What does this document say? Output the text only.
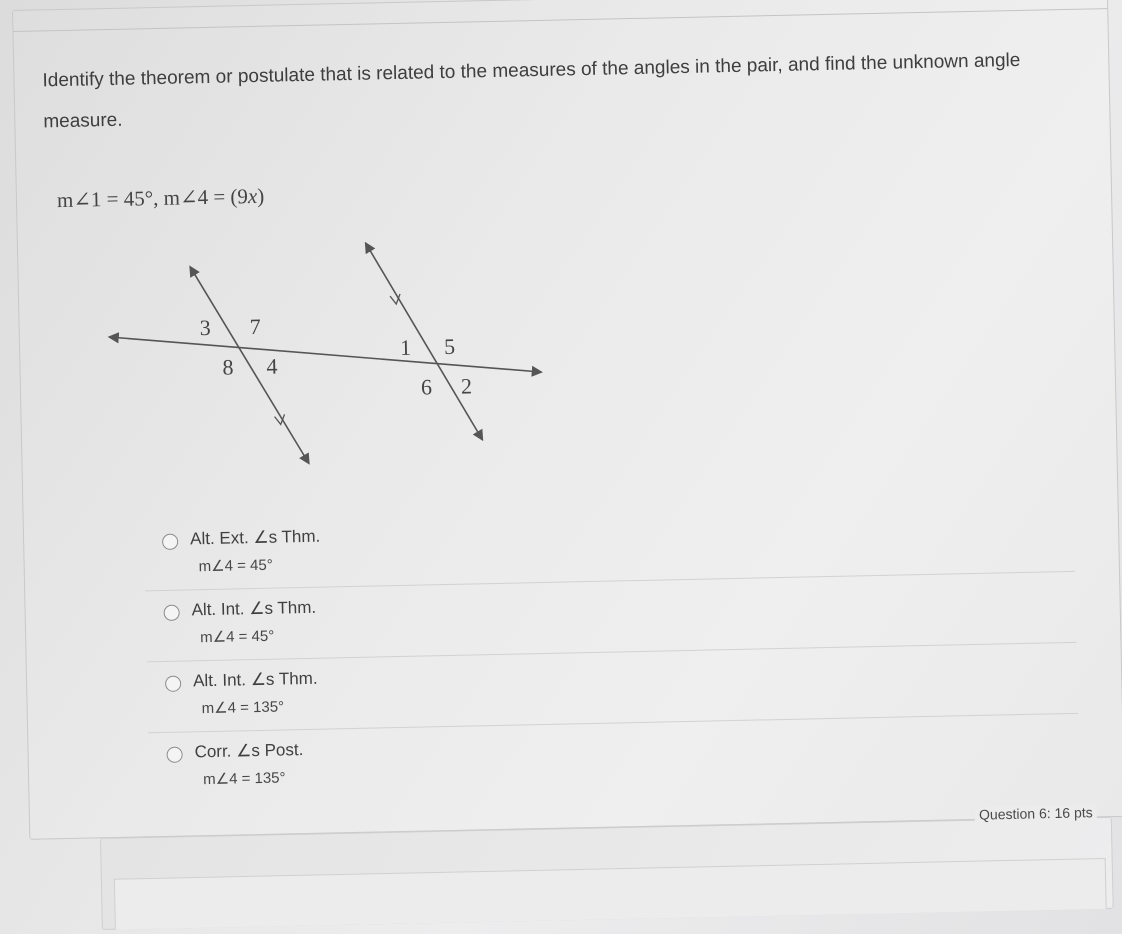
Identify the theorem or postulate that is related to the measures of the angles in the pair, and find the unknown angle measure.
m∠1 = 45°, m∠4 = (9x)
3 7
8 4
1 5
6 2
Alt. Ext. ∠s Thm.
m∠4 = 45°
Alt. Int. ∠s Thm.
m∠4 = 45°
Alt. Int. ∠s Thm.
m∠4 = 135°
Corr. ∠s Post.
m∠4 = 135°
Question 6: 16 pts
